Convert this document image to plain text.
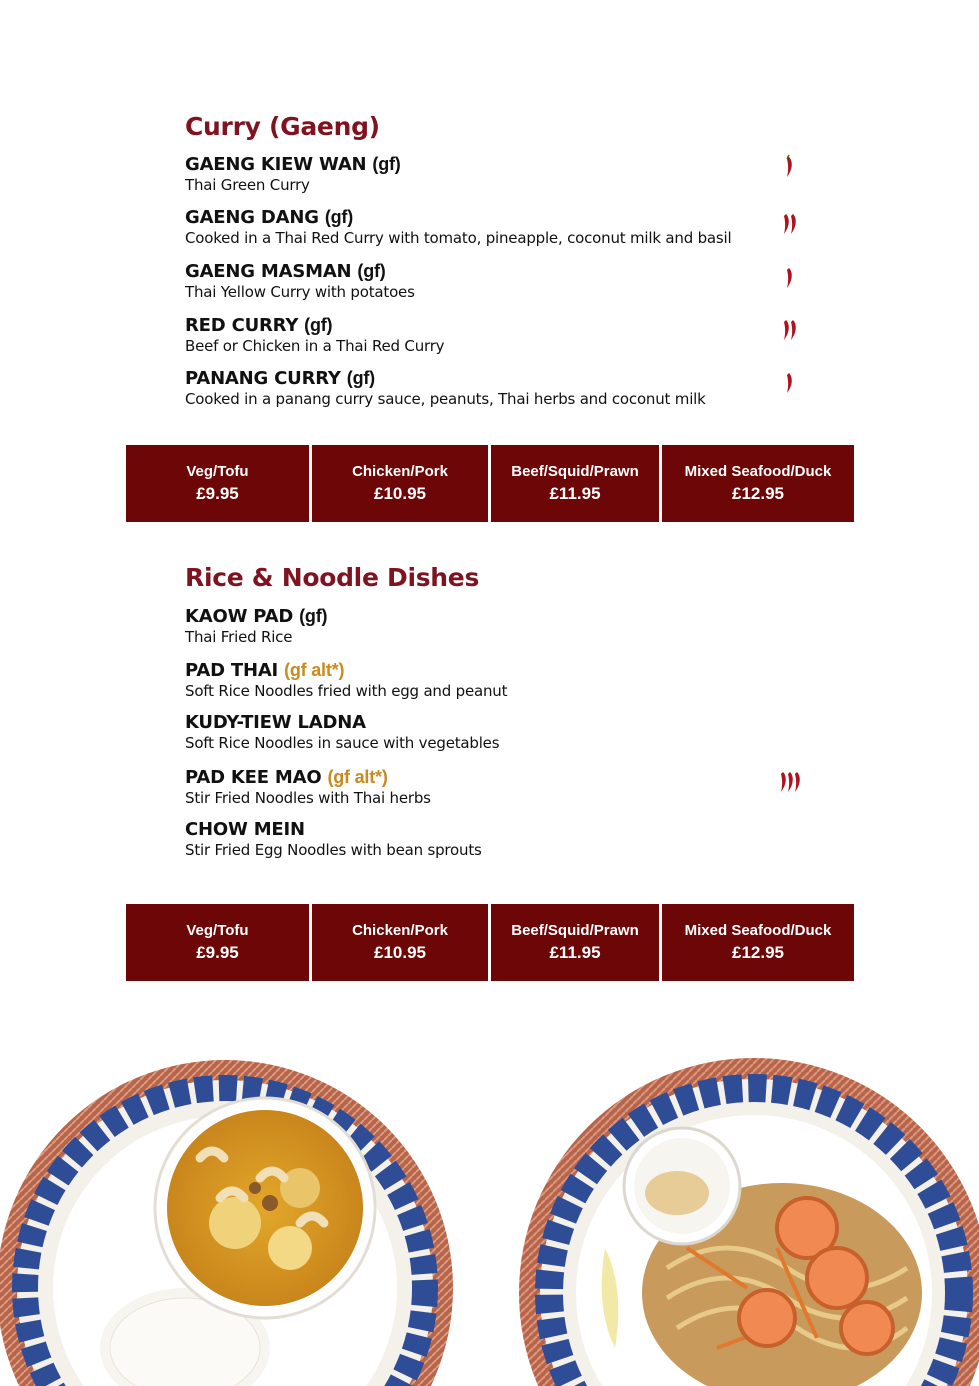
Curry (Gaeng)
GAENG KIEW WAN (gf)
Thai Green Curry
GAENG DANG (gf)
Cooked in a Thai Red Curry with tomato, pineapple, coconut milk and basil
GAENG MASMAN (gf)
Thai Yellow Curry with potatoes
RED CURRY (gf)
Beef or Chicken in a Thai Red Curry
PANANG CURRY (gf)
Cooked in a panang curry sauce, peanuts, Thai herbs and coconut milk
Veg/Tofu
£9.95
Chicken/Pork
£10.95
Beef/Squid/Prawn
£11.95
Mixed Seafood/Duck
£12.95
Rice & Noodle Dishes
KAOW PAD (gf)
Thai Fried Rice
PAD THAI (gf alt*)
Soft Rice Noodles fried with egg and peanut
KUDY-TIEW LADNA
Soft Rice Noodles in sauce with vegetables
PAD KEE MAO (gf alt*)
Stir Fried Noodles with Thai herbs
CHOW MEIN
Stir Fried Egg Noodles with bean sprouts
Veg/Tofu
£9.95
Chicken/Pork
£10.95
Beef/Squid/Prawn
£11.95
Mixed Seafood/Duck
£12.95
